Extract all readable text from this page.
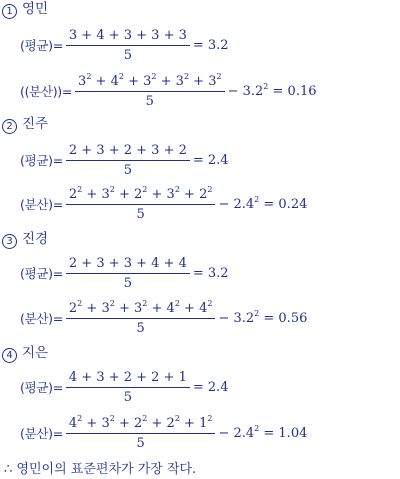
1 영민
(평균)= $\frac{3 + 4 + 3 + 3 + 3}{5} = 3.2$
((분산))= $\frac{3^2 + 4^2 + 3^2 + 3^2 + 3^2}{5} - 3.2^2 = 0.16$
2 진주
(평균)= $\frac{2 + 3 + 2 + 3 + 2}{5} = 2.4$
(분산)= $\frac{2^2 + 3^2 + 2^2 + 3^2 + 2^2}{5} - 2.4^2 = 0.24$
3 진경
(평균)= $\frac{2 + 3 + 3 + 4 + 4}{5} = 3.2$
(분산)= $\frac{2^2 + 3^2 + 3^2 + 4^2 + 4^2}{5} - 3.2^2 = 0.56$
4 지은
(평균)= $\frac{4 + 3 + 2 + 2 + 1}{5} = 2.4$
(분산)= $\frac{4^2 + 3^2 + 2^2 + 2^2 + 1^2}{5} - 2.4^2 = 1.04$
∴ 영민이의 표준편차가 가장 작다.
